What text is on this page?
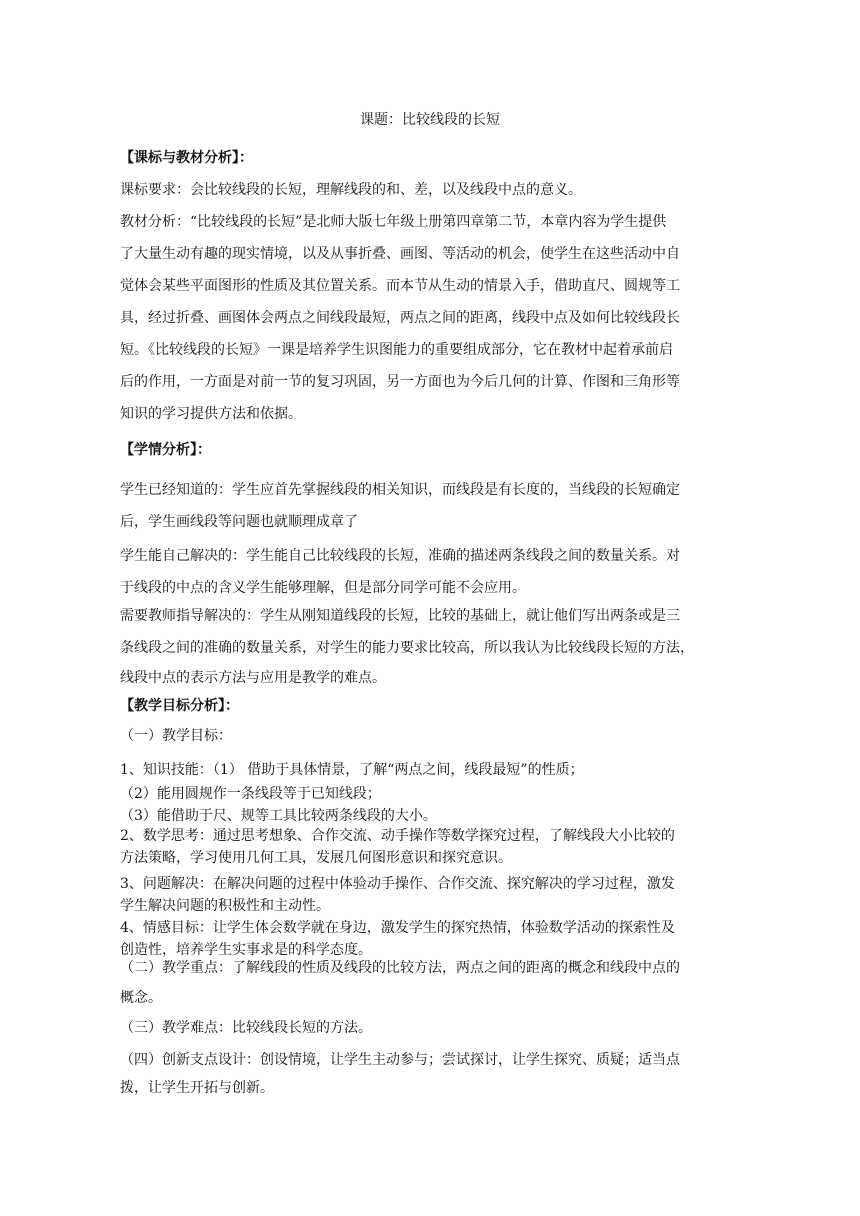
课题：比较线段的长短
【课标与教材分析】：
课标要求：会比较线段的长短，理解线段的和、差，以及线段中点的意义。
教材分析：“比较线段的长短”是北师大版七年级上册第四章第二节，本章内容为学生提供
了大量生动有趣的现实情境，以及从事折叠、画图、等活动的机会，使学生在这些活动中自
觉体会某些平面图形的性质及其位置关系。而本节从生动的情景入手，借助直尺、圆规等工
具，经过折叠、画图体会两点之间线段最短，两点之间的距离，线段中点及如何比较线段长
短。《比较线段的长短》一课是培养学生识图能力的重要组成部分，它在教材中起着承前启
后的作用，一方面是对前一节的复习巩固，另一方面也为今后几何的计算、作图和三角形等
知识的学习提供方法和依据。
【学情分析】：
学生已经知道的：学生应首先掌握线段的相关知识，而线段是有长度的，当线段的长短确定
后，学生画线段等问题也就顺理成章了
学生能自己解决的：学生能自己比较线段的长短，准确的描述两条线段之间的数量关系。对
于线段的中点的含义学生能够理解，但是部分同学可能不会应用。
需要教师指导解决的：学生从刚知道线段的长短，比较的基础上，就让他们写出两条或是三
条线段之间的准确的数量关系，对学生的能力要求比较高，所以我认为比较线段长短的方法，
线段中点的表示方法与应用是教学的难点。
【教学目标分析】：
（一）教学目标：
1、知识技能：（1） 借助于具体情景，了解“两点之间，线段最短”的性质；
（2）能用圆规作一条线段等于已知线段；
（3）能借助于尺、规等工具比较两条线段的大小。
2、数学思考：通过思考想象、合作交流、动手操作等数学探究过程，了解线段大小比较的
方法策略，学习使用几何工具，发展几何图形意识和探究意识。
3、问题解决：在解决问题的过程中体验动手操作、合作交流、探究解决的学习过程，激发
学生解决问题的积极性和主动性。
4、情感目标：让学生体会数学就在身边，激发学生的探究热情，体验数学活动的探索性及
创造性，培养学生实事求是的科学态度。
（二）教学重点：了解线段的性质及线段的比较方法，两点之间的距离的概念和线段中点的
概念。
（三）教学难点：比较线段长短的方法。
（四）创新支点设计：创设情境，让学生主动参与；尝试探讨，让学生探究、质疑；适当点
拨，让学生开拓与创新。
